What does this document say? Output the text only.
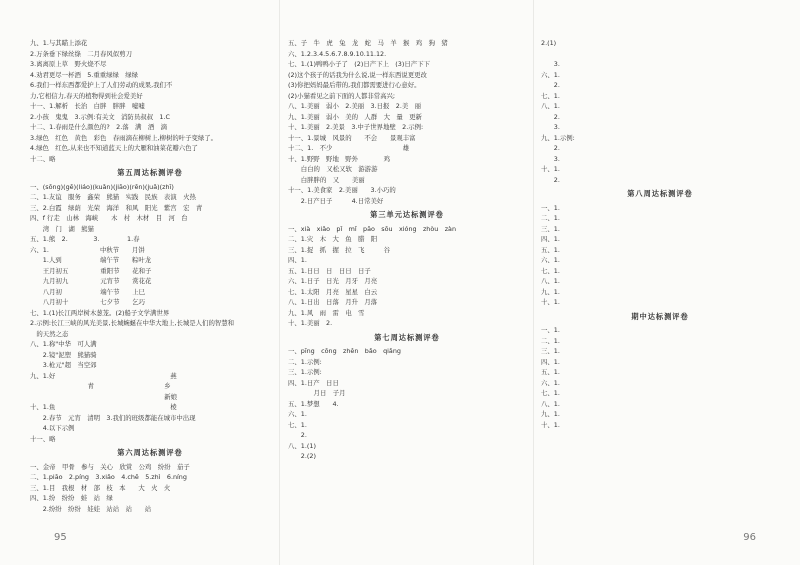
九、1.与其瞄上添花
2.万条垂下绿丝绦　二月春风似剪刀
3.离离原上草　野火烧不尽
4.劝君更尽一杯酒　5.重重绿绿　绿绿
6.我们一样东西都爱护上了人们劳动的成果,我们不
力,它相信力,春天的植物得到社会爱美好
十一、1.解析　长治　白胖　胖胖　嘘嘘
2.小孩　鬼鬼　3.示例:有关文　消防员叔叔　1.C
十二、1.春雨是什么颜色的?　2.落　满　酒　滴
3.绿色　红色　黄色　彩色　春雨滴在柳树上,柳树的叶子变绿了。
4.绿色　红色,从来也不知道蓝天上的大雁和油菜花瓣六色了
十二、略
第五周达标测评卷
一、(sōng)(gē)(liáo)(kuǎn)(jiāo)(rēn)(juǎ)(zhī)
二、1.友谊　服务　鑫荣　熊猫　实践　民族　表演　火热
三、2.白霞　绿荫　光荣　海洋　和风　阳光　紫宫　宏　青
四、f 行走　山林　海峡　　木　村　木材　目　河　台
　　湾　门　湖　熊猫
五、1.熊　2.　　　　3. 　　　　1.春
六、1.　　　　　　　　中秋节　　月饼
　　1.人到　　　　　　端午节　　粽叶龙
　　王月初五　　　　　重阳节　　花和子
　　九月初九　　　　　元宵节　　赏花花
　　八月初　　　　　　端午节　　上巳
　　八月初十　　　　　七夕节　　乞巧
七、1.(1)长江两岸树木葱茏。(2)船子文学满世界
2.示例:长江三峡的风光美景,长城蜿蜒在中华大地上,长城是人们的智慧和
　的天然之态
八、1.称"中华　可人满
　　2.镜"泥塑　熊猫骑
　　3.枪元"超　当空郊
九、1.好　　　　　　　　　　　　　　　　　　燕
　　　　　　　　　青　　　　　　　　　　　乡
　　　　　　　　　　　　　　　　　　　　　新娘
十、1.鱼　　　　　　　　　　　　　　　　　　棱
　　2.春节　元宵　清明　3.我们的班级都能在城市中出现
　　4.以下示例
十一、略
第六周达标测评卷
一、金帝　甲骨　参与　关心　欣赏　公鸡　纷纷　茄子
二、1.piāo　2.píng　3.xiǎo　4.chē　5.zhì　6.níng
三、1.目　我根　材　部　枝　本　　大　火　火
四、1.纷　纷纷　蛙　站　绿　　　　　　　
　　2.纷纷　纷纷　娃娃　站站　站　　站
五、子　牛　虎　兔　龙　蛇　马　羊　猴　鸡　狗　猪
六、1.2.3.4.5.6.7.8.9.10.11.12.
七、1.(1)鸭鸭小子了　(2)日产下上　(3)日产下下
(2)这个孩子的话我为什么说,说一样东西说更更改
(3)你把妈妈最后带的,我们都需要进行心意好。
(2)小猫看见之前下面的人都非常高兴;
八、1.美丽　弱小　2.美丽　3.日报　2.美　丽
九、1.美丽　弱小　美的　人群　大　量　更新
十、1.美丽　2.美景　3.中子世界地壁　2.示例:
十一、1.景城　风景的　　不会　　景观丰富
十二、1.　不少　　　　　　　　　　　雄
十、1.野野　野地　野外　　　　鸡
　　白白的　又松又软　游游游　　
　　白胖胖的　又　　美丽　　　　
十一、1.美食家　2.美丽　　3.小巧的　　
　　2.日产日子　　　4.日常美好
第三单元达标测评卷
一、xià　xiǎo　pǐ　mǐ　pāo　sōu　xióng　zhòu　zàn
二、1.灾　木　大　鱼　腊　阳
三、1.捉　抓　握　拉　飞　　　谷
四、1.　　　　　　　　　　　　　　
五、1.日日　日　日日　日子
六、1.日子　日光　月牙　月亮
七、1.太阳　月亮　星星　白云
八、1.日出　日落　月升　月落
九、1.风　雨　雷　电　雪
十、1.美丽　2.　　　　　　　　
第七周达标测评卷
一、pīng　cōng　zhěn　bǎo　qiǎng
二、1.示例:　　　　　　　　　　　
三、1.示例:　　　　　　　　　　
四、1.日产　日日　　　　　
　　　　月日　子月　　　　　　
五、1.梦想　　4.　　　　　
六、1.　　　　　　　　　　　
七、1.　　　　　　　　　　　　　
　　2.　　　　　　　　　　　　
八、1.(1)　　　　　　　　　　
　　2.(2)　　　　　　　　　　　　
2.(1)　　　　　　　　　　　　　　　　　

　　3.　　　　　　　　　　　　　　　　
六、1.　　　　　　　　　　　　　　　　
　　2.　　　　　　　　　　　　　　
七、1.　　　　　　　　　　　　　　　
八、1.　　　　　　　　　　　　　　　
　　2.　　　　　　　　　　　　　
　　3.　　　　　　　　　　　　　　　
九、1.示例:　　　　　　　　　　　　
　　2.　　　　　　　　　　　　　　
　　3.　　　　　　　　　　　　　
十、1.　　　　　　　　　　　　　
　　2.　　　　　　　　　　　　　
第八周达标测评卷
一、1.　　　　　　　　　　　　　　
二、1.　　　　　　　　　　　　　
三、1.　　　　　　　　　　　　　
四、1.　　　　　　　　　　　　　
五、1.　　　　　　　　　　　　　
六、1.　　　　　　　　　　　　　
七、1.　　　　　　　　　　　　　
八、1.　　　　　　　　　　　　　
九、1.　　　　　　　　　　　　　
十、1.　　　　　　　　　　　　　
期中达标测评卷
一、1.　　　　　　　　　　　　　
二、1.　　　　　　　　　　　　　
三、1.　　　　　　　　　　　　　
四、1.　　　　　　　　　　　　　
五、1.　　　　　　　　　　　　　
六、1.　　　　　　　　　　　　　
七、1.　　　　　　　　　　　　　
八、1.　　　　　　　　　　　　　
九、1.　　　　　　　　　　　　　
十、1.　　　　　　　　　　　　　
95	96
